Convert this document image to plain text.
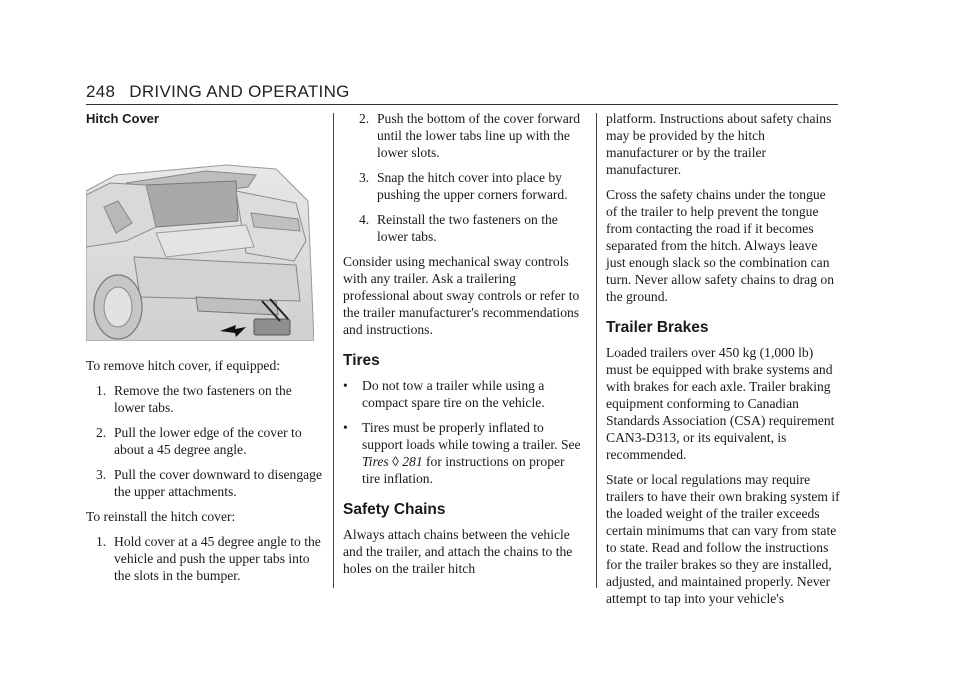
248 DRIVING AND OPERATING
Hitch Cover

To remove hitch cover, if equipped:

1. Remove the two fasteners on the lower tabs.
2. Pull the lower edge of the cover to about a 45 degree angle.
3. Pull the cover downward to disengage the upper attachments.

To reinstall the hitch cover:

1. Hold cover at a 45 degree angle to the vehicle and push the upper tabs into the slots in the bumper.
2. Push the bottom of the cover forward until the lower tabs line up with the lower slots.
3. Snap the hitch cover into place by pushing the upper corners forward.
4. Reinstall the two fasteners on the lower tabs.

Consider using mechanical sway controls with any trailer. Ask a trailering professional about sway controls or refer to the trailer manufacturer's recommendations and instructions.

Tires
• Do not tow a trailer while using a compact spare tire on the vehicle.
• Tires must be properly inflated to support loads while towing a trailer. See Tires ◊ 281 for instructions on proper tire inflation.
Safety Chains

Always attach chains between the vehicle and the trailer, and attach the chains to the holes on the trailer hitch

platform. Instructions about safety chains may be provided by the hitch manufacturer or by the trailer manufacturer.

Cross the safety chains under the tongue of the trailer to help prevent the tongue from contacting the road if it becomes separated from the hitch. Always leave just enough slack so the combination can turn. Never allow safety chains to drag on the ground.

Trailer Brakes

Loaded trailers over 450 kg (1,000 lb) must be equipped with brake systems and with brakes for each axle. Trailer braking equipment conforming to Canadian Standards Association (CSA) requirement CAN3-D313, or its equivalent, is recommended.

State or local regulations may require trailers to have their own braking system if the loaded weight of the trailer exceeds certain minimums that can vary from state to state. Read and follow the instructions for the trailer brakes so they are installed, adjusted, and maintained properly. Never attempt to tap into your vehicle's
